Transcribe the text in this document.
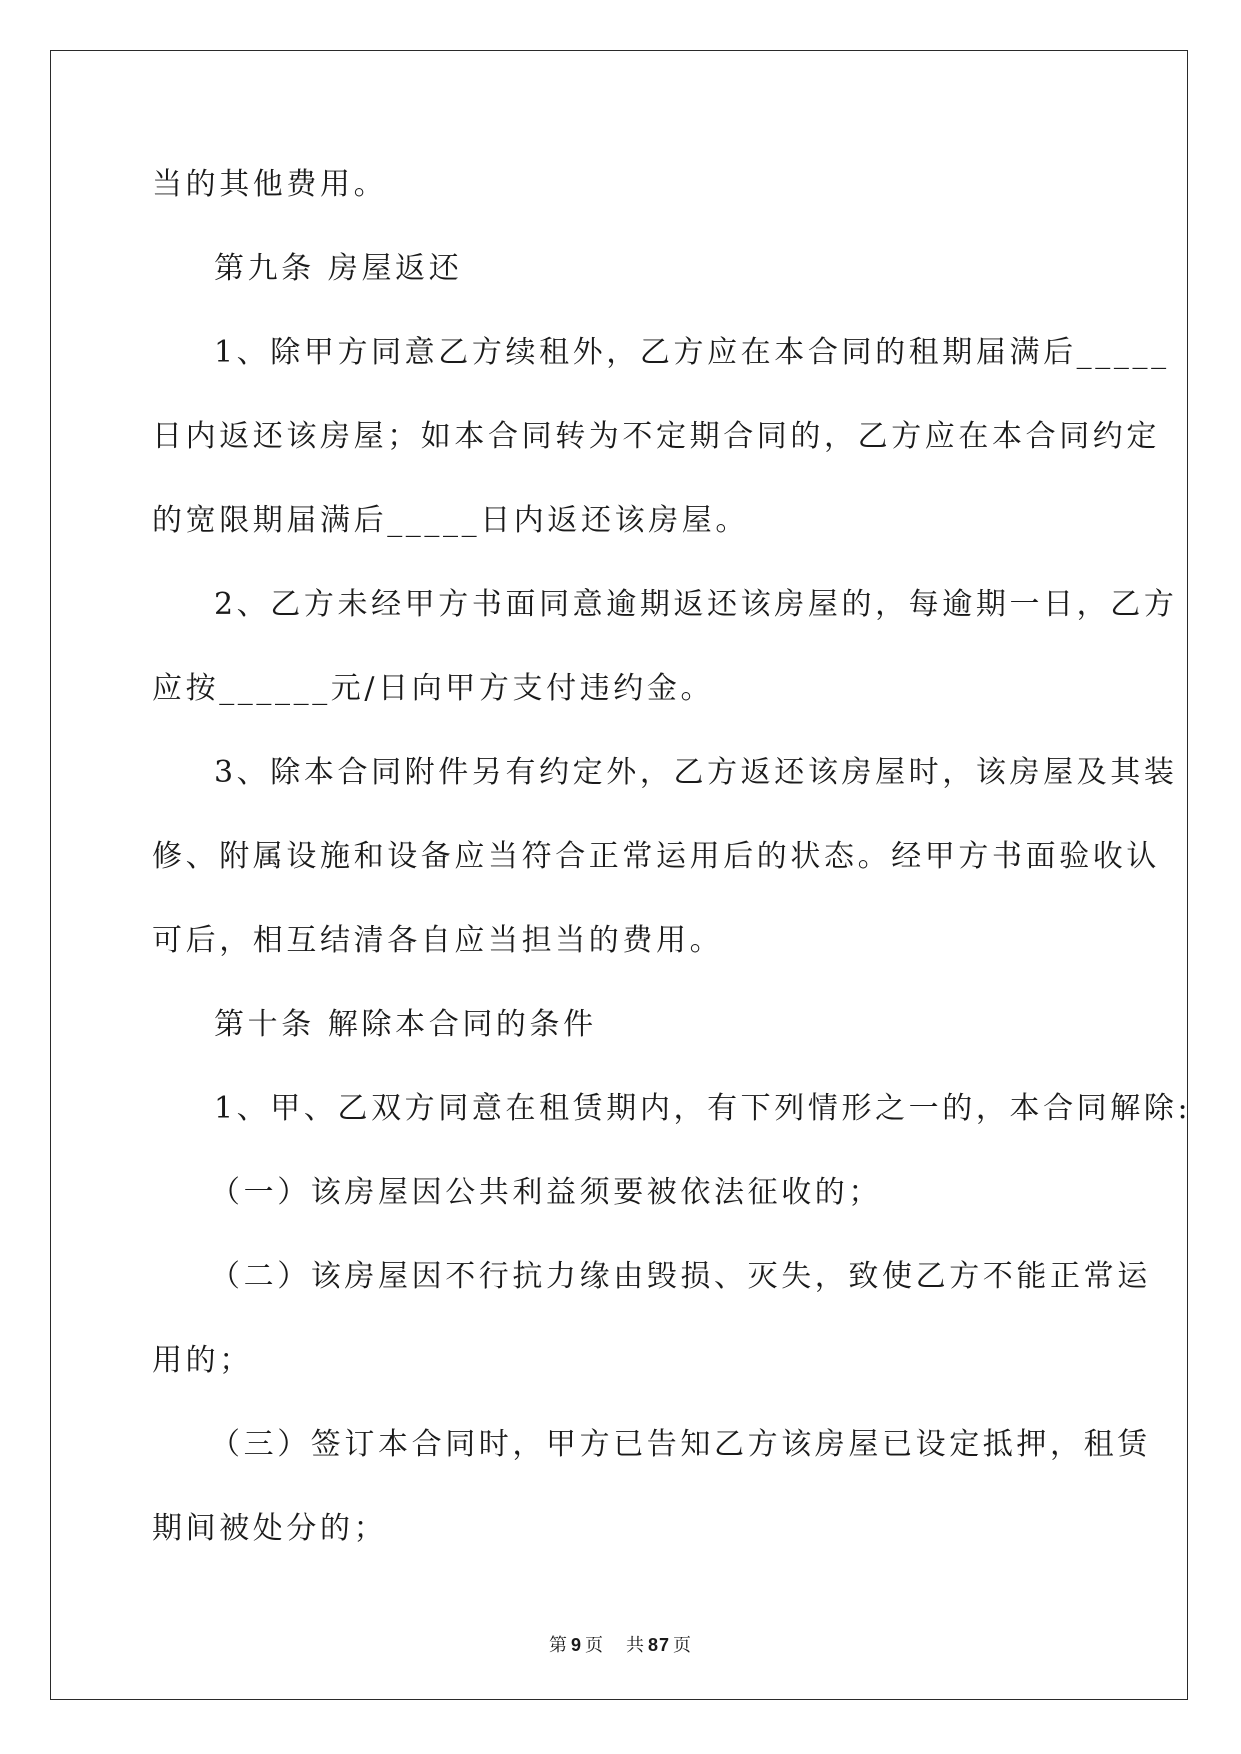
当的其他费用。
第九条 房屋返还
1、除甲方同意乙方续租外，乙方应在本合同的租期届满后_____
日内返还该房屋；如本合同转为不定期合同的，乙方应在本合同约定
的宽限期届满后_____日内返还该房屋。
2、乙方未经甲方书面同意逾期返还该房屋的，每逾期一日，乙方
应按______元/日向甲方支付违约金。
3、除本合同附件另有约定外，乙方返还该房屋时，该房屋及其装
修、附属设施和设备应当符合正常运用后的状态。经甲方书面验收认
可后，相互结清各自应当担当的费用。
第十条 解除本合同的条件
1、甲、乙双方同意在租赁期内，有下列情形之一的，本合同解除:
（一）该房屋因公共利益须要被依法征收的；
（二）该房屋因不行抗力缘由毁损、灭失，致使乙方不能正常运
用的；
（三）签订本合同时，甲方已告知乙方该房屋已设定抵押，租赁
期间被处分的；
第 9 页 共 87 页
